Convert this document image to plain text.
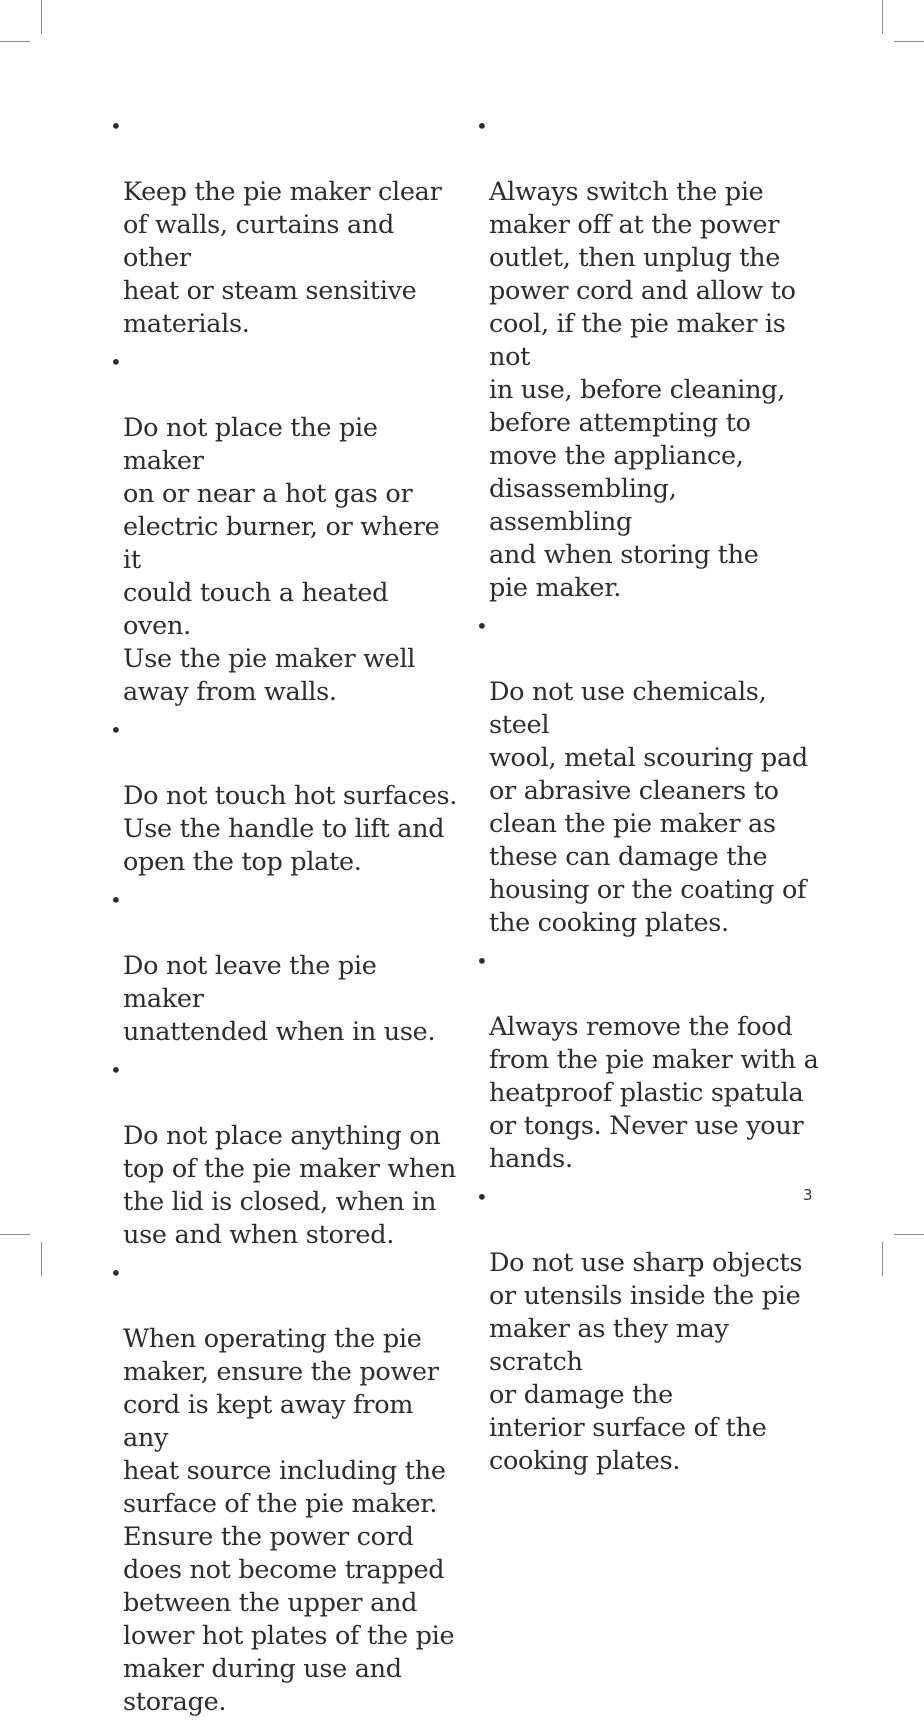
•

Keep the pie maker clear
of walls, curtains and other
heat or steam sensitive
materials.

•

Do not place the pie maker
on or near a hot gas or
electric burner, or where it
could touch a heated oven.
Use the pie maker well
away from walls.

•

Do not touch hot surfaces.
Use the handle to lift and
open the top plate.

•

Do not leave the pie maker
unattended when in use.

•

Do not place anything on
top of the pie maker when
the lid is closed, when in
use and when stored.

•

When operating the pie
maker, ensure the power
cord is kept away from any
heat source including the
surface of the pie maker.
Ensure the power cord
does not become trapped
between the upper and
lower hot plates of the pie
maker during use and
storage.

•

Always switch the pie
maker off at the power
outlet, then unplug the
power cord and allow to
cool, if the pie maker is not
in use, before cleaning,
before attempting to
move the appliance,
disassembling, assembling
and when storing the
pie maker.

•

Do not use chemicals, steel
wool, metal scouring pad
or abrasive cleaners to
clean the pie maker as
these can damage the
housing or the coating of
the cooking plates.

•

Always remove the food
from the pie maker with a
heatproof plastic spatula
or tongs. Never use your
hands.

•

Do not use sharp objects
or utensils inside the pie
maker as they may scratch
or damage the
interior surface of the
cooking plates.

3
